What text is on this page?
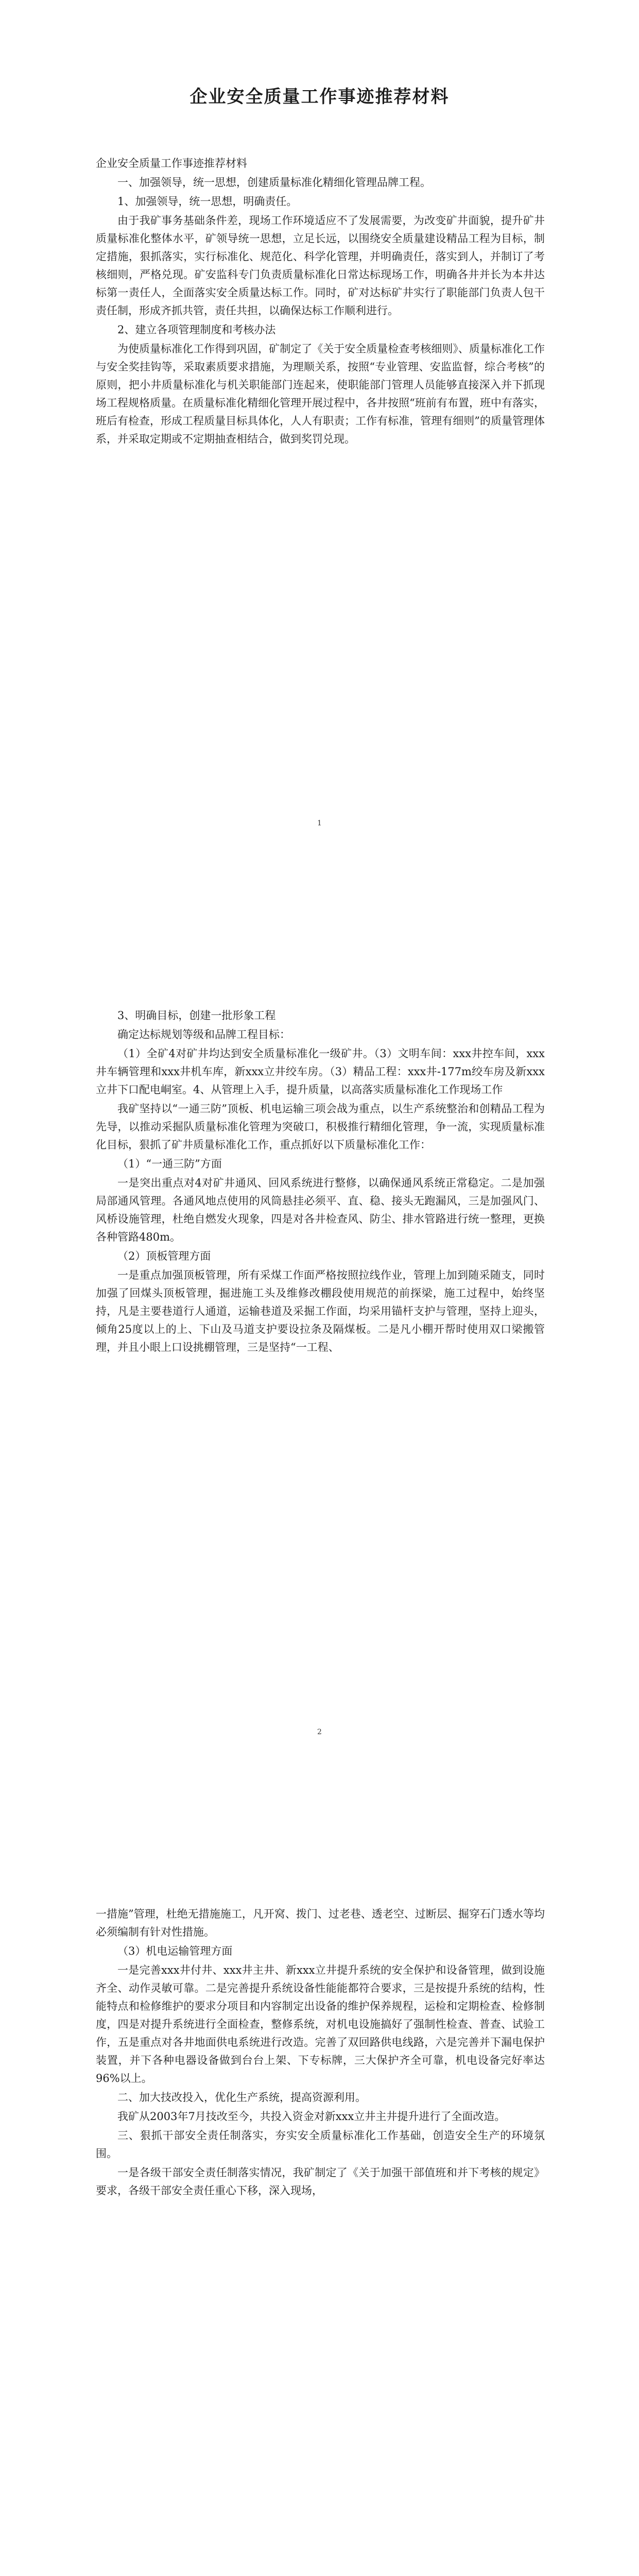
企业安全质量工作事迹推荐材料

企业安全质量工作事迹推荐材料

一、加强领导，统一思想，创建质量标准化精细化管理品牌工程。

1、加强领导，统一思想，明确责任。

由于我矿事务基础条件差，现场工作环境适应不了发展需要，为改变矿井面貌，提升矿井质量标准化整体水平，矿领导统一思想，立足长远，以围绕安全质量建设精品工程为目标，制定措施，狠抓落实，实行标准化、规范化、科学化管理，并明确责任，落实到人，并制订了考核细则，严格兑现。矿安监科专门负责质量标准化日常达标现场工作，明确各井并长为本井达标第一责任人，全面落实安全质量达标工作。同时，矿对达标矿井实行了职能部门负责人包干责任制，形成齐抓共管，责任共担，以确保达标工作顺利进行。

2、建立各项管理制度和考核办法

为使质量标准化工作得到巩固，矿制定了《关于安全质量检查考核细则》、质量标准化工作与安全奖挂钩等，采取素质要求措施，为理顺关系，按照“专业管理、安监监督，综合考核”的原则，把小井质量标准化与机关职能部门连起来，使职能部门管理人员能够直接深入并下抓现场工程规格质量。在质量标准化精细化管理开展过程中，各井按照“班前有布置，班中有落实，班后有检查，形成工程质量目标具体化，人人有职责；工作有标准，管理有细则”的质量管理体系，并采取定期或不定期抽查相结合，做到奖罚兑现。

1

3、明确目标，创建一批形象工程

确定达标规划等级和品牌工程目标：

（1）全矿4对矿井均达到安全质量标准化一级矿井。（3）文明车间：xxx井控车间，xxx井车辆管理和xxx井机车库，新xxx立井绞车房。（3）精品工程：xxx井-177m绞车房及新xxx立井下口配电峒室。4、从管理上入手，提升质量，以高落实质量标准化工作现场工作

我矿坚持以“一通三防”顶板、机电运输三项会战为重点，以生产系统整治和创精品工程为先导，以推动采掘队质量标准化管理为突破口，积极推行精细化管理，争一流，实现质量标准化目标，狠抓了矿井质量标准化工作，重点抓好以下质量标准化工作：

（1）“一通三防”方面

一是突出重点对4对矿井通风、回风系统进行整修，以确保通风系统正常稳定。二是加强局部通风管理。各通风地点使用的风筒悬挂必须平、直、稳、接头无跑漏风，三是加强风门、风桥设施管理，杜绝自燃发火现象，四是对各井检查风、防尘、排水管路进行统一整理，更换各种管路480m。

（2）顶板管理方面

一是重点加强顶板管理，所有采煤工作面严格按照拉线作业，管理上加到随采随支，同时加强了回煤头顶板管理，掘进施工头及维修改棚段使用规范的前探梁，施工过程中，始终坚持，凡是主要巷道行人通道，运输巷道及采掘工作面，均采用锚杆支护与管理，坚持上迎头，倾角25度以上的上、下山及马道支护要设拉条及隔煤板。二是凡小棚开帮时使用双口梁搬管理，并且小眼上口设挑棚管理，三是坚持“一工程、

2

一措施”管理，杜绝无措施施工，凡开窝、拨门、过老巷、透老空、过断层、掘穿石门透水等均必须编制有针对性措施。

（3）机电运输管理方面

一是完善xxx井付井、xxx井主井、新xxx立井提升系统的安全保护和设备管理，做到设施齐全、动作灵敏可靠。二是完善提升系统设备性能能都符合要求，三是按提升系统的结构，性能特点和检修维护的要求分项目和内容制定出设备的维护保养规程，运检和定期检查、检修制度，四是对提升系统进行全面检查，整修系统，对机电设施搞好了强制性检查、普查、试验工作，五是重点对各井地面供电系统进行改造。完善了双回路供电线路，六是完善并下漏电保护装置，并下各种电器设备做到台台上架、下专标牌，三大保护齐全可靠，机电设备完好率达96%以上。

二、加大技改投入，优化生产系统，提高资源利用。

我矿从2003年7月技改至今，共投入资金对新xxx立井主井提升进行了全面改造。

三、狠抓干部安全责任制落实，夯实安全质量标准化工作基础，创造安全生产的环境氛围。

一是各级干部安全责任制落实情况，我矿制定了《关于加强干部值班和并下考核的规定》要求，各级干部安全责任重心下移，深入现场，
